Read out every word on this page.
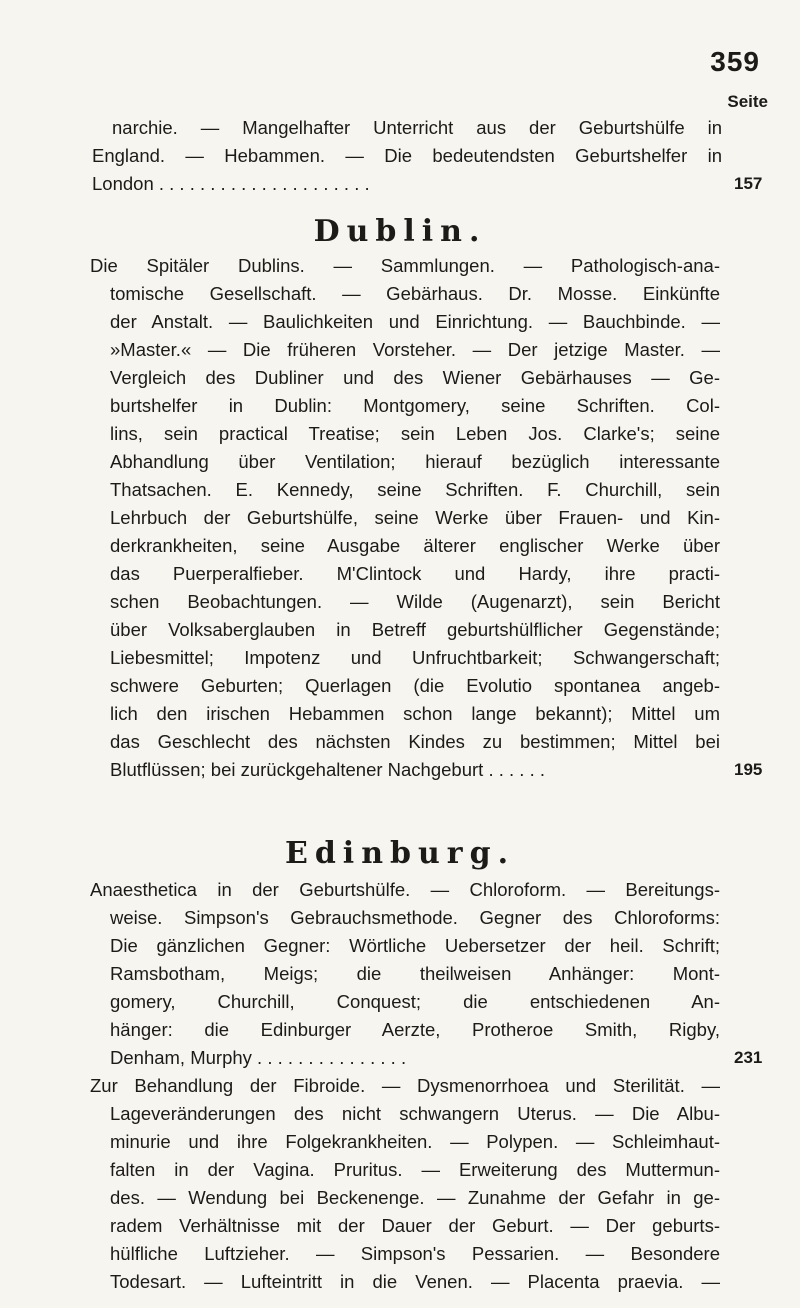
359
Seite
narchie. — Mangelhafter Unterricht aus der Geburtshülfe in
England. — Hebammen. — Die bedeutendsten Geburtshelfer in
London . . . . . . . . . . . . . . . . . . . . .	157
Dublin.
Die Spitäler Dublins. — Sammlungen. — Pathologisch-ana-
tomische Gesellschaft. — Gebärhaus. Dr. Mosse. Einkünfte
der Anstalt. — Baulichkeiten und Einrichtung. — Bauchbinde. —
»Master.« — Die früheren Vorsteher. — Der jetzige Master. —
Vergleich des Dubliner und des Wiener Gebärhauses — Ge-
burtshelfer in Dublin: Montgomery, seine Schriften. Col-
lins, sein practical Treatise; sein Leben Jos. Clarke's; seine
Abhandlung über Ventilation; hierauf bezüglich interessante
Thatsachen. E. Kennedy, seine Schriften. F. Churchill, sein
Lehrbuch der Geburtshülfe, seine Werke über Frauen- und Kin-
derkrankheiten, seine Ausgabe älterer englischer Werke über
das Puerperalfieber. M'Clintock und Hardy, ihre practi-
schen Beobachtungen. — Wilde (Augenarzt), sein Bericht
über Volksaberglauben in Betreff geburtshülflicher Gegenstände;
Liebesmittel; Impotenz und Unfruchtbarkeit; Schwangerschaft;
schwere Geburten; Querlagen (die Evolutio spontanea angeb-
lich den irischen Hebammen schon lange bekannt); Mittel um
das Geschlecht des nächsten Kindes zu bestimmen; Mittel bei
Blutflüssen; bei zurückgehaltener Nachgeburt . . . . . .	195
Edinburg.
Anaesthetica in der Geburtshülfe. — Chloroform. — Bereitungs-
weise. Simpson's Gebrauchsmethode. Gegner des Chloroforms:
Die gänzlichen Gegner: Wörtliche Uebersetzer der heil. Schrift;
Ramsbotham, Meigs; die theilweisen Anhänger: Mont-
gomery, Churchill, Conquest; die entschiedenen An-
hänger: die Edinburger Aerzte, Protheroe Smith, Rigby,
Denham, Murphy . . . . . . . . . . . . . . .	231
Zur Behandlung der Fibroide. — Dysmenorrhoea und Sterilität. —
Lageveränderungen des nicht schwangern Uterus. — Die Albu-
minurie und ihre Folgekrankheiten. — Polypen. — Schleimhaut-
falten in der Vagina. Pruritus. — Erweiterung des Muttermun-
des. — Wendung bei Beckenenge. — Zunahme der Gefahr in ge-
radem Verhältnisse mit der Dauer der Geburt. — Der geburts-
hülfliche Luftzieher. — Simpson's Pessarien. — Besondere
Todesart. — Lufteintritt in die Venen. — Placenta praevia. —
